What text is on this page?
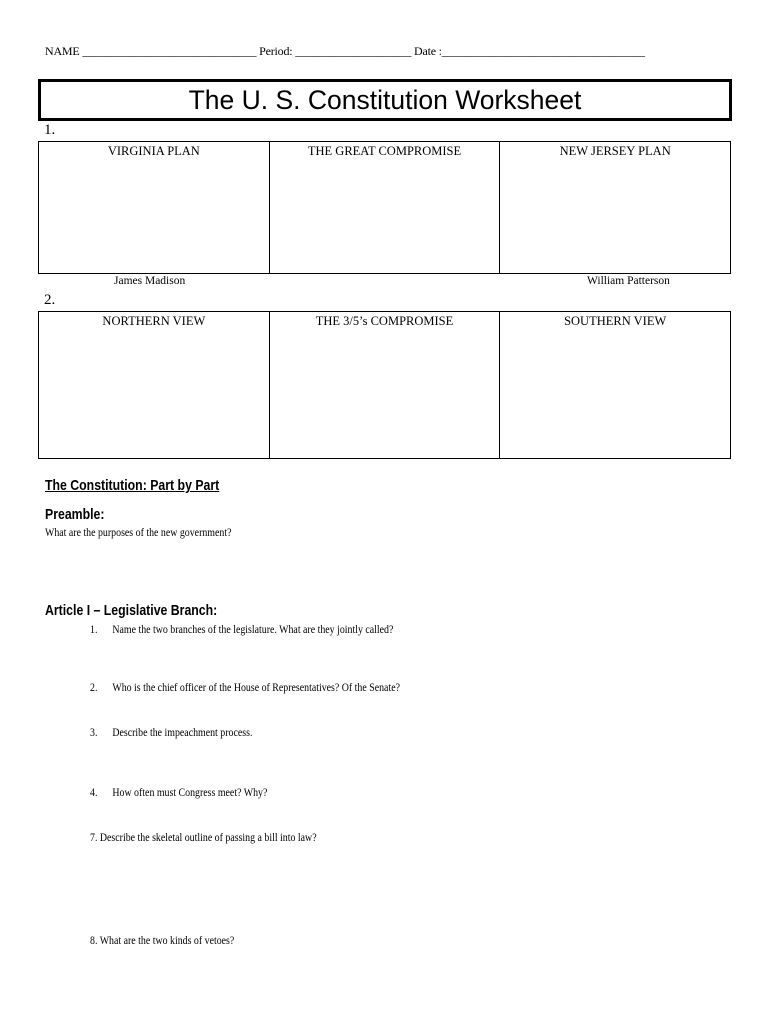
NAME ______________________________ Period: ____________________ Date :___________________________________
The U. S. Constitution Worksheet
1.
VIRGINIA PLAN	THE GREAT COMPROMISE	NEW JERSEY PLAN
James Madison	William Patterson
2.
NORTHERN VIEW	THE 3/5’s COMPROMISE	SOUTHERN VIEW
The Constitution: Part by Part
Preamble:
What are the purposes of the new government?
Article I – Legislative Branch:
1. Name the two branches of the legislature. What are they jointly called?
2. Who is the chief officer of the House of Representatives? Of the Senate?
3. Describe the impeachment process.
4. How often must Congress meet? Why?
7. Describe the skeletal outline of passing a bill into law?
8. What are the two kinds of vetoes?
